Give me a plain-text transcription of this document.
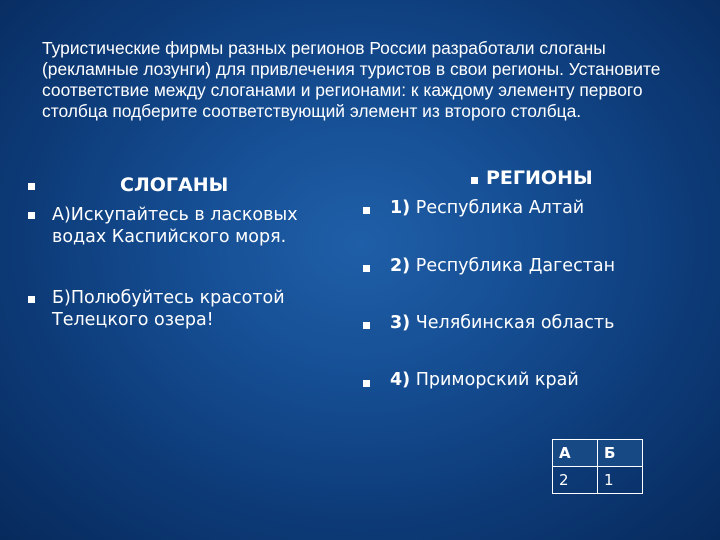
Туристические фирмы разных регионов России разработали слоганы (рекламные лозунги) для привлечения туристов в свои регионы. Установите соответствие между слоганами и регионами: к каждому элементу первого столбца подберите соответствующий элемент из второго столбца.
СЛОГАНЫ
А)Искупайтесь в ласковых водах Каспийского моря.
Б)Полюбуйтесь красотой Телецкого озера!
РЕГИОНЫ
1) Республика Алтай
2) Республика Дагестан
3) Челябинская область
4) Приморский край
А	Б
2	1
